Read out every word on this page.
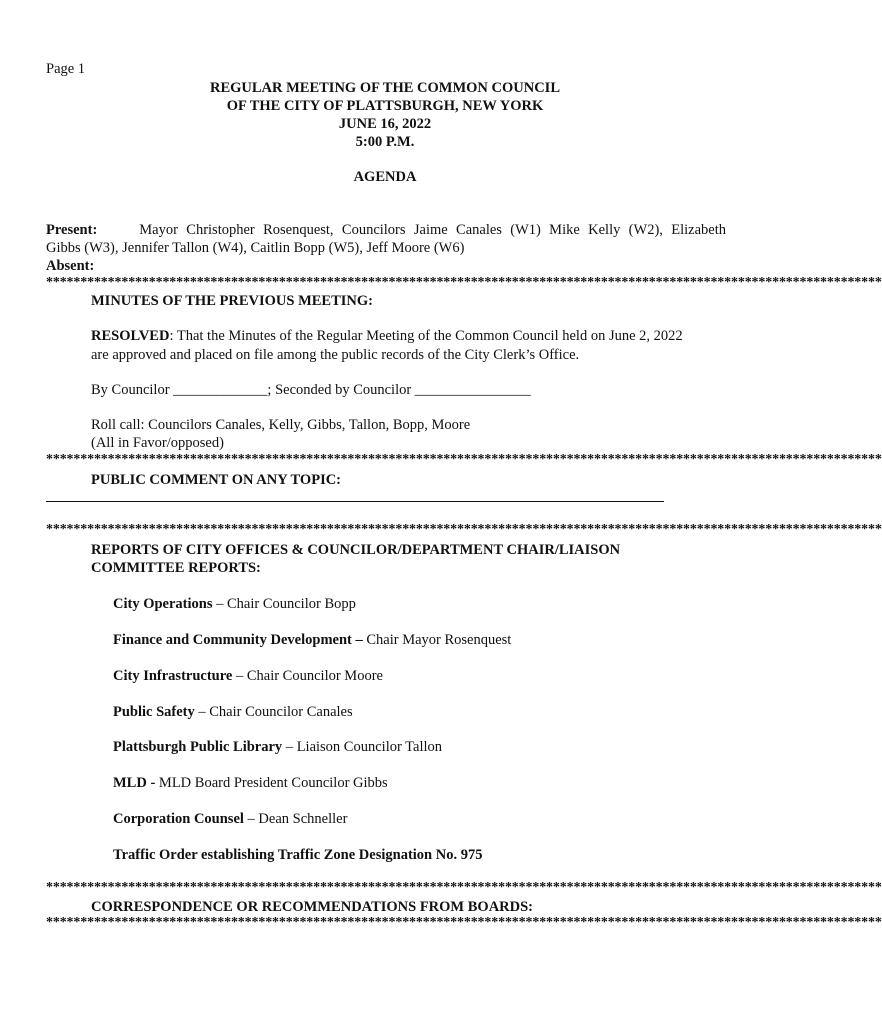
Page 1
REGULAR MEETING OF THE COMMON COUNCIL
OF THE CITY OF PLATTSBURGH, NEW YORK
JUNE 16, 2022
5:00 P.M.
AGENDA
Present:	Mayor Christopher Rosenquest, Councilors Jaime Canales (W1) Mike Kelly (W2), Elizabeth
Gibbs (W3), Jennifer Tallon (W4), Caitlin Bopp (W5), Jeff Moore (W6)
Absent:
**************************************************************************************************************************
MINUTES OF THE PREVIOUS MEETING:
RESOLVED: That the Minutes of the Regular Meeting of the Common Council held on June 2, 2022
are approved and placed on file among the public records of the City Clerk’s Office.
By Councilor _____________; Seconded by Councilor ________________
Roll call: Councilors Canales, Kelly, Gibbs, Tallon, Bopp, Moore
(All in Favor/opposed)
**************************************************************************************************************************
PUBLIC COMMENT ON ANY TOPIC:
**************************************************************************************************************************
REPORTS OF CITY OFFICES & COUNCILOR/DEPARTMENT CHAIR/LIAISON
COMMITTEE REPORTS:
City Operations – Chair Councilor Bopp
Finance and Community Development – Chair Mayor Rosenquest
City Infrastructure – Chair Councilor Moore
Public Safety – Chair Councilor Canales
Plattsburgh Public Library – Liaison Councilor Tallon
MLD - MLD Board President Councilor Gibbs
Corporation Counsel – Dean Schneller
Traffic Order establishing Traffic Zone Designation No. 975
**************************************************************************************************************************
CORRESPONDENCE OR RECOMMENDATIONS FROM BOARDS:
**************************************************************************************************************************
